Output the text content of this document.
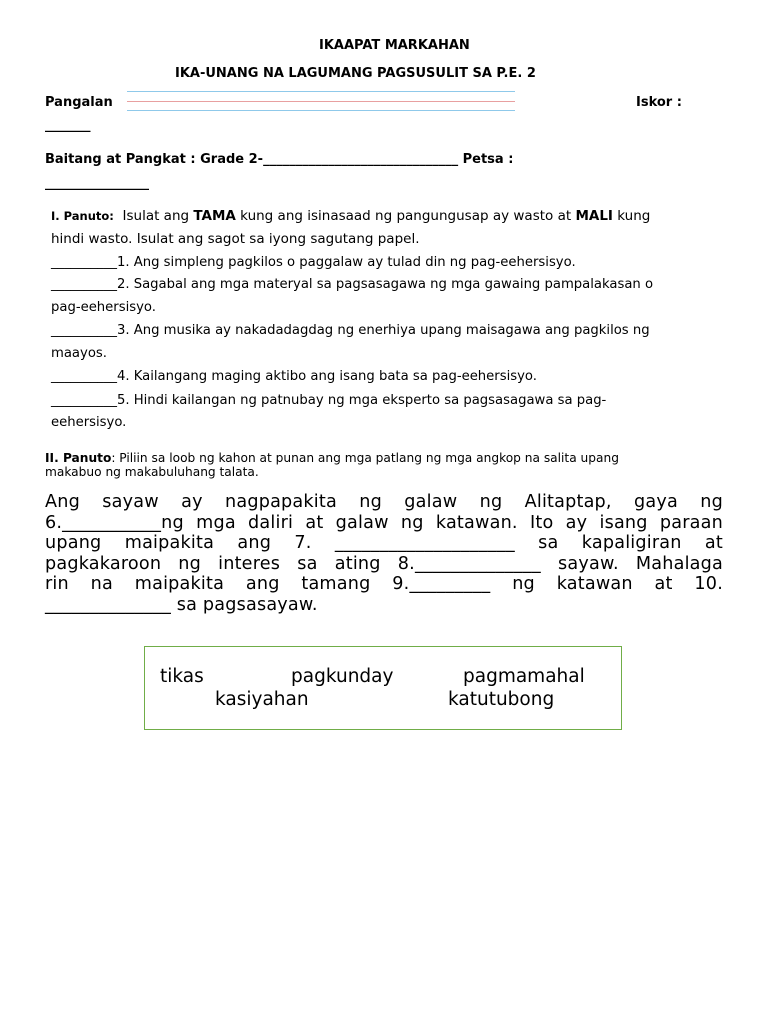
IKAAPAT MARKAHAN
IKA-UNANG NA LAGUMANG PAGSUSULIT SA P.E. 2
Pangalan	Iskor :
_______
Baitang at Pangkat : Grade 2-______________________________ Petsa :
________________
I. Panuto: Isulat ang TAMA kung ang isinasaad ng pangungusap ay wasto at MALI kung
hindi wasto. Isulat ang sagot sa iyong sagutang papel.
__________1. Ang simpleng pagkilos o paggalaw ay tulad din ng pag-eehersisyo.
__________2. Sagabal ang mga materyal sa pagsasagawa ng mga gawaing pampalakasan o
pag-eehersisyo.
__________3. Ang musika ay nakadadagdag ng enerhiya upang maisagawa ang pagkilos ng
maayos.
__________4. Kailangang maging aktibo ang isang bata sa pag-eehersisyo.
__________5. Hindi kailangan ng patnubay ng mga eksperto sa pagsasagawa sa pag-
eehersisyo.
II. Panuto: Piliin sa loob ng kahon at punan ang mga patlang ng mga angkop na salita upang
makabuo ng makabuluhang talata.
Ang sayaw ay nagpapakita ng galaw ng Alitaptap, gaya ng
6.___________ng mga daliri at galaw ng katawan. Ito ay isang paraan
upang maipakita ang 7. ____________________ sa kapaligiran at
pagkakaroon ng interes sa ating 8.______________ sayaw. Mahalaga
rin na maipakita ang tamang 9._________ ng katawan at 10.
______________ sa pagsasayaw.
tikas	pagkunday	pagmamahal
kasiyahan	katutubong
